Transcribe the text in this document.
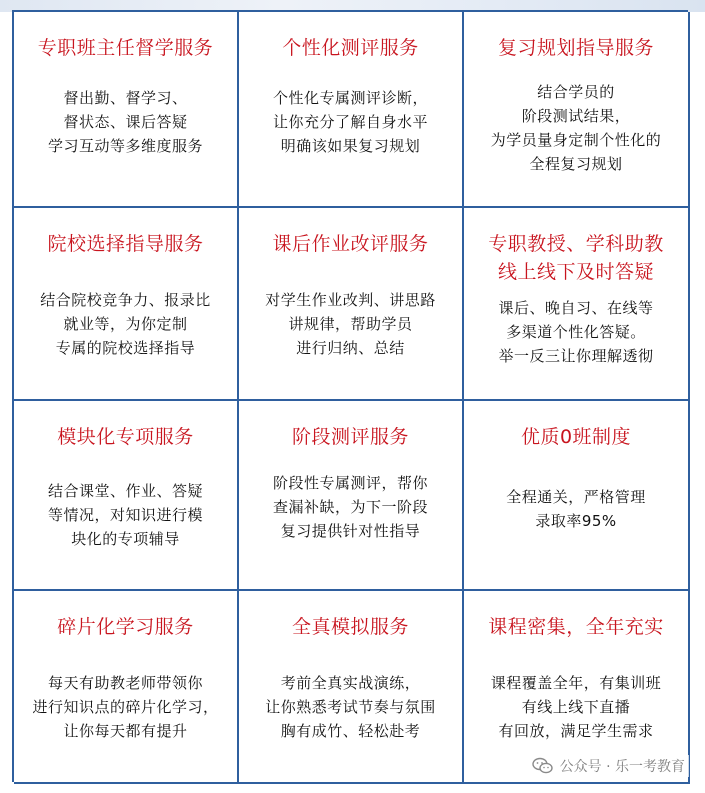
专职班主任督学服务
督出勤、督学习、
督状态、课后答疑
学习互动等多维度服务
个性化测评服务
个性化专属测评诊断，
让你充分了解自身水平
明确该如果复习规划
复习规划指导服务
结合学员的
阶段测试结果，
为学员量身定制个性化的
全程复习规划
院校选择指导服务
结合院校竞争力、报录比
就业等，为你定制
专属的院校选择指导
课后作业改评服务
对学生作业改判、讲思路
讲规律，帮助学员
进行归纳、总结
专职教授、学科助教
线上线下及时答疑
课后、晚自习、在线等
多渠道个性化答疑。
举一反三让你理解透彻
模块化专项服务
结合课堂、作业、答疑
等情况，对知识进行模
块化的专项辅导
阶段测评服务
阶段性专属测评，帮你
查漏补缺，为下一阶段
复习提供针对性指导
优质0班制度
全程通关，严格管理
录取率95%
碎片化学习服务
每天有助教老师带领你
进行知识点的碎片化学习，
让你每天都有提升
全真模拟服务
考前全真实战演练，
让你熟悉考试节奏与氛围
胸有成竹、轻松赴考
课程密集，全年充实
课程覆盖全年，有集训班
有线上线下直播
有回放，满足学生需求
公众号 · 乐一考教育
